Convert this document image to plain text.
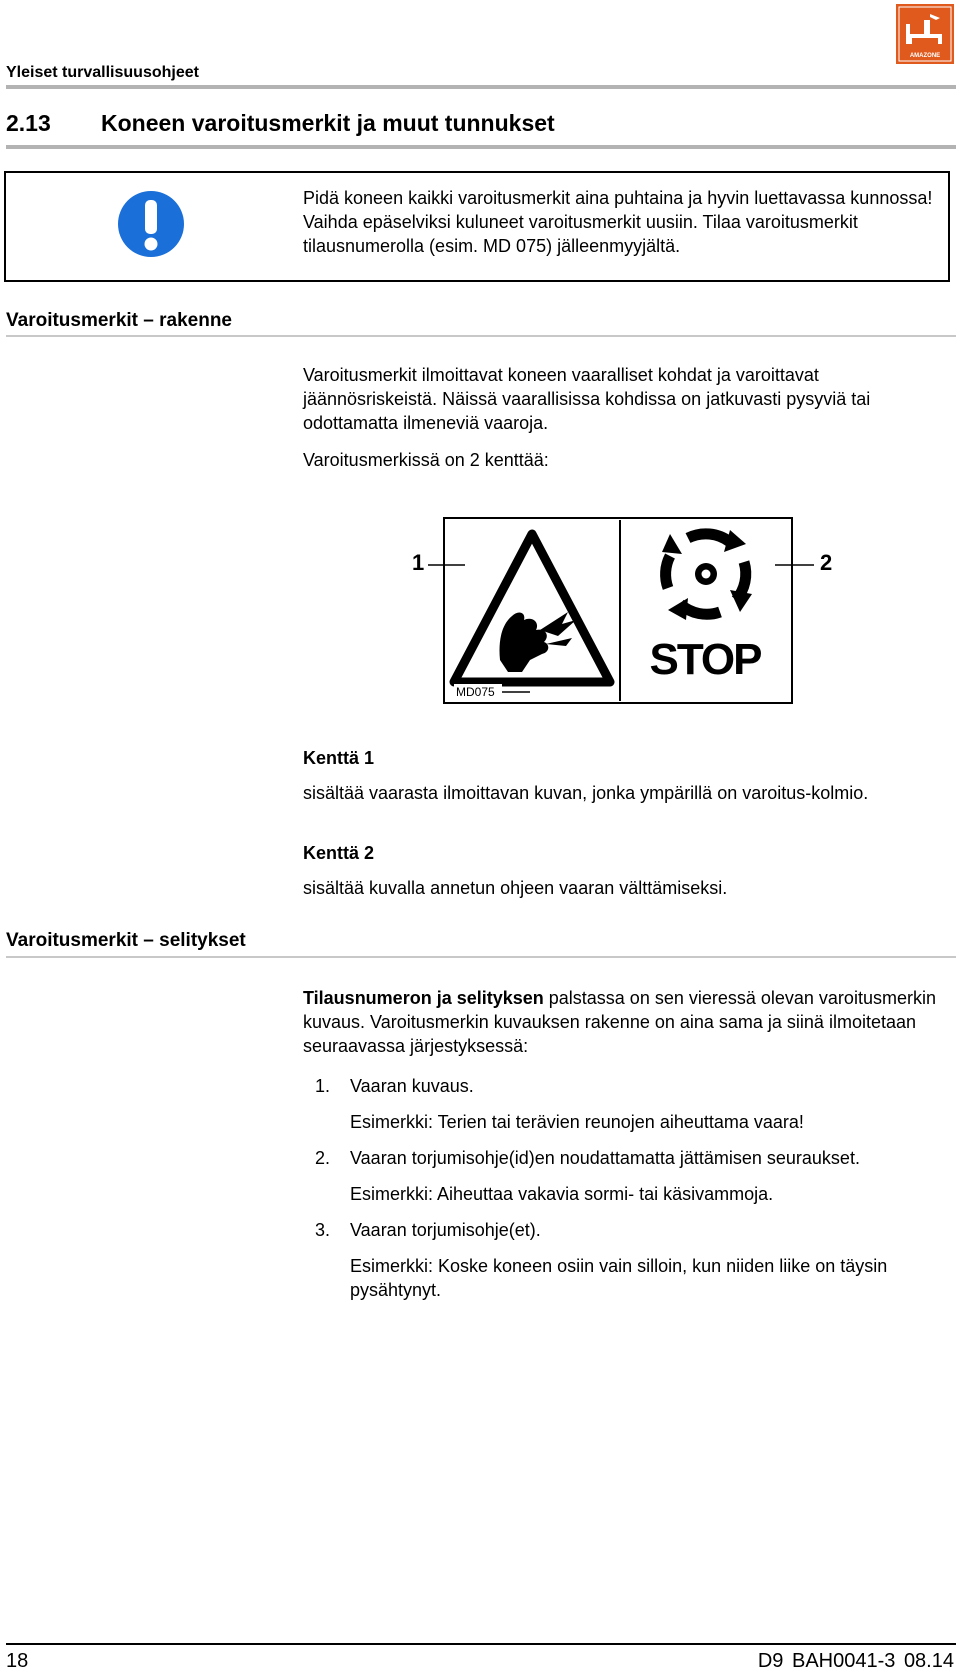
Yleiset turvallisuusohjeet
AMAZONE
2.13 Koneen varoitusmerkit ja muut tunnukset
Pidä koneen kaikki varoitusmerkit aina puhtaina ja hyvin luettavassa kunnossa! Vaihda epäselviksi kuluneet varoitusmerkit uusiin. Tilaa varoitusmerkit tilausnumerolla (esim. MD 075) jälleenmyyjältä.
Varoitusmerkit – rakenne
Varoitusmerkit ilmoittavat koneen vaaralliset kohdat ja varoittavat jäännösriskeistä. Näissä vaarallisissa kohdissa on jatkuvasti pysyviä tai odottamatta ilmeneviä vaaroja.
Varoitusmerkissä on 2 kenttää:
1	2
STOP
MD075
Kenttä 1
sisältää vaarasta ilmoittavan kuvan, jonka ympärillä on varoitus-kolmio.
Kenttä 2
sisältää kuvalla annetun ohjeen vaaran välttämiseksi.
Varoitusmerkit – selitykset
Tilausnumeron ja selityksen palstassa on sen vieressä olevan varoitusmerkin kuvaus. Varoitusmerkin kuvauksen rakenne on aina sama ja siinä ilmoitetaan seuraavassa järjestyksessä:
1. Vaaran kuvaus.
Esimerkki: Terien tai terävien reunojen aiheuttama vaara!
2. Vaaran torjumisohje(id)en noudattamatta jättämisen seuraukset.
Esimerkki: Aiheuttaa vakavia sormi- tai käsivammoja.
3. Vaaran torjumisohje(et).
Esimerkki: Koske koneen osiin vain silloin, kun niiden liike on täysin pysähtynyt.
18	D9 BAH0041-3 08.14
